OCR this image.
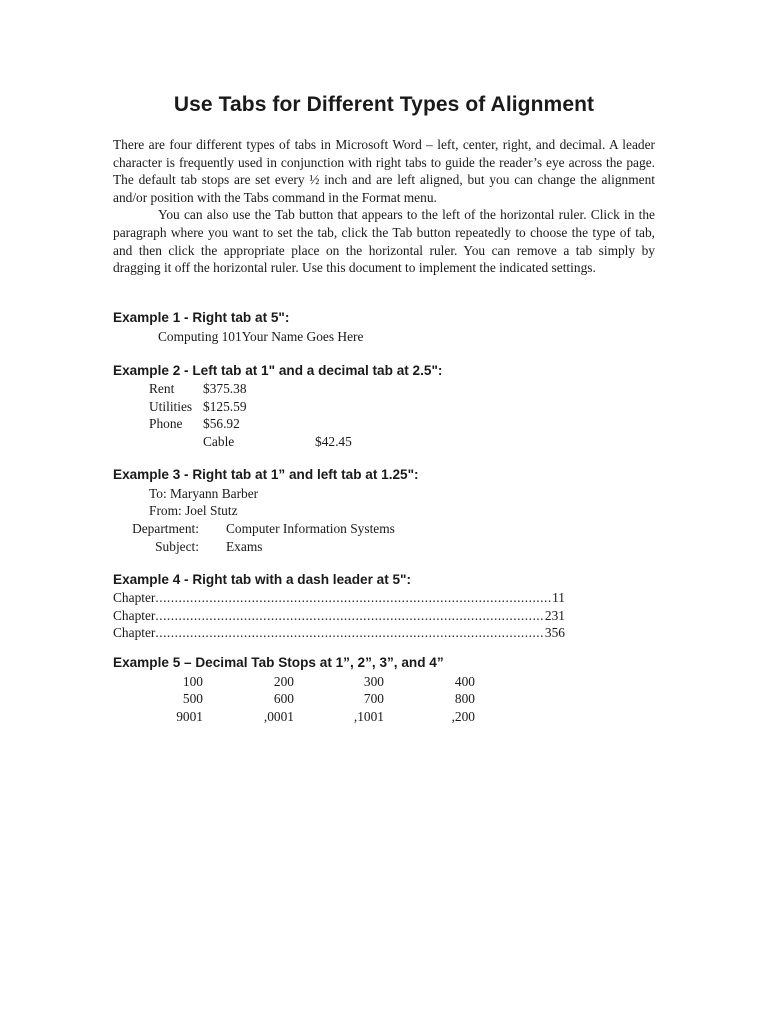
Use Tabs for Different Types of Alignment

There are four different types of tabs in Microsoft Word – left, center, right, and decimal. A leader character is frequently used in conjunction with right tabs to guide the reader’s eye across the page. The default tab stops are set every ½ inch and are left aligned, but you can change the alignment and/or position with the Tabs command in the Format menu.

You can also use the Tab button that appears to the left of the horizontal ruler. Click in the paragraph where you want to set the tab, click the Tab button repeatedly to choose the type of tab, and then click the appropriate place on the horizontal ruler. You can remove a tab simply by dragging it off the horizontal ruler. Use this document to implement the indicated settings.

Example 1 - Right tab at 5":
Computing 101Your Name Goes Here
Example 2 - Left tab at 1" and a decimal tab at 2.5":
Rent $375.38
Utilities $125.59
Phone $56.92
Cable	$42.45
Example 3 - Right tab at 1” and left tab at 1.25":
To: Maryann Barber
From: Joel Stutz
Department: Computer Information Systems
Subject: Exams
Example 4 - Right tab with a dash leader at 5":
Chapter .....	11
Chapter .....	231
Chapter .....	356
Example 5 – Decimal Tab Stops at 1”, 2”, 3”, and 4”
100	200	300	400
500	600	700	800
9001	,0001	,1001	,200
